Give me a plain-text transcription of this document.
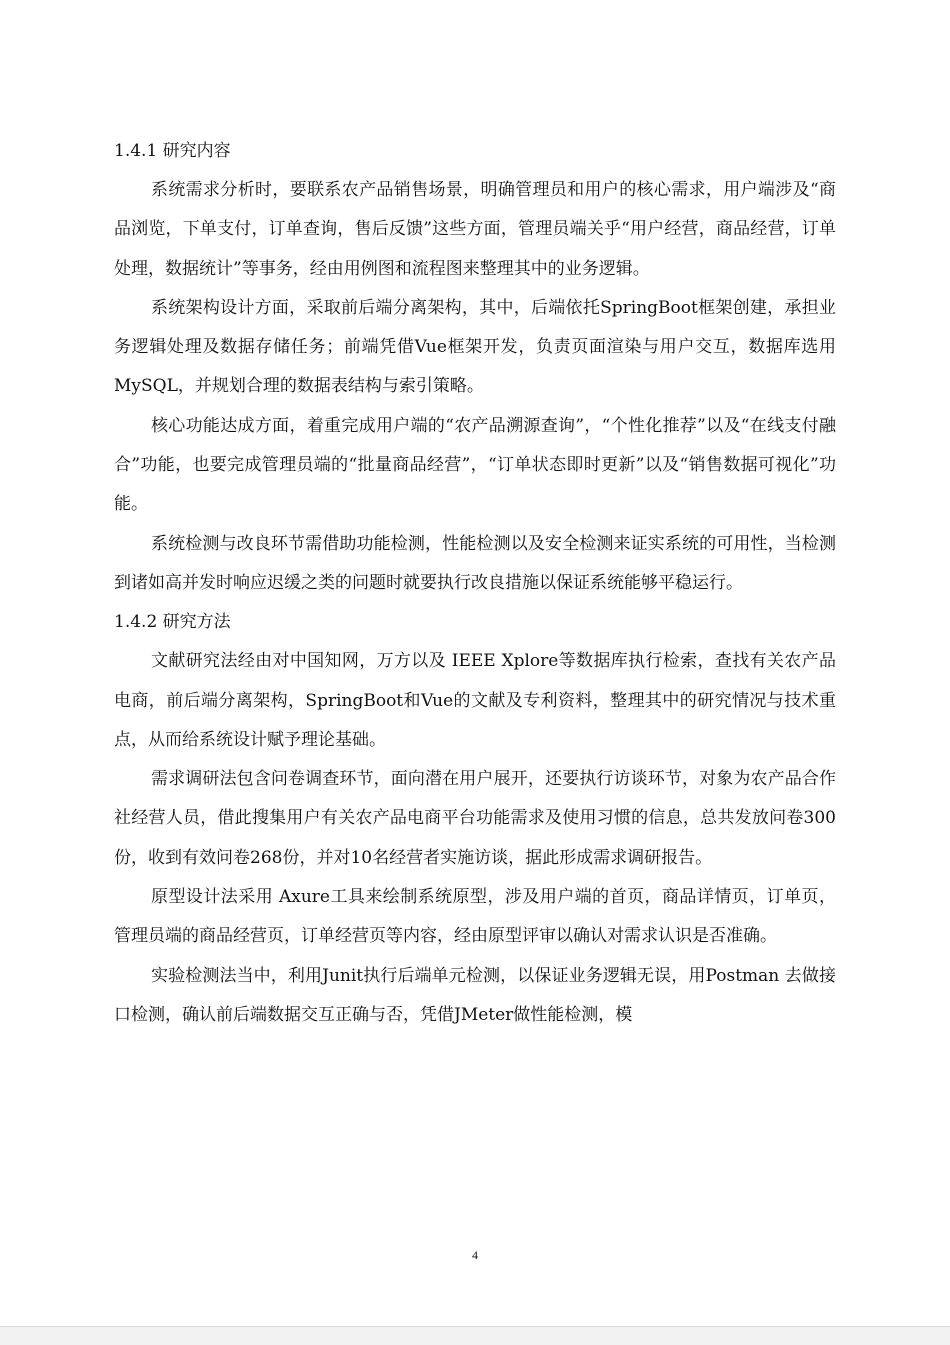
1.4.1 研究内容

系统需求分析时，要联系农产品销售场景，明确管理员和用户的核心需求，用户端涉及“商品浏览，下单支付，订单查询，售后反馈”这些方面，管理员端关乎“用户经营，商品经营，订单处理，数据统计”等事务，经由用例图和流程图来整理其中的业务逻辑。

系统架构设计方面，采取前后端分离架构，其中，后端依托SpringBoot框架创建，承担业务逻辑处理及数据存储任务；前端凭借Vue框架开发，负责页面渲染与用户交互，数据库选用MySQL，并规划合理的数据表结构与索引策略。

核心功能达成方面，着重完成用户端的“农产品溯源查询”，“个性化推荐”以及“在线支付融合”功能，也要完成管理员端的“批量商品经营”，“订单状态即时更新”以及“销售数据可视化”功能。

系统检测与改良环节需借助功能检测，性能检测以及安全检测来证实系统的可用性，当检测到诸如高并发时响应迟缓之类的问题时就要执行改良措施以保证系统能够平稳运行。

1.4.2 研究方法

文献研究法经由对中国知网，万方以及 IEEE Xplore等数据库执行检索，查找有关农产品电商，前后端分离架构，SpringBoot和Vue的文献及专利资料，整理其中的研究情况与技术重点，从而给系统设计赋予理论基础。

需求调研法包含问卷调查环节，面向潜在用户展开，还要执行访谈环节，对象为农产品合作社经营人员，借此搜集用户有关农产品电商平台功能需求及使用习惯的信息，总共发放问卷300份，收到有效问卷268份，并对10名经营者实施访谈，据此形成需求调研报告。

原型设计法采用 Axure工具来绘制系统原型，涉及用户端的首页，商品详情页，订单页，管理员端的商品经营页，订单经营页等内容，经由原型评审以确认对需求认识是否准确。

实验检测法当中，利用Junit执行后端单元检测，以保证业务逻辑无误，用Postman 去做接口检测，确认前后端数据交互正确与否，凭借JMeter做性能检测，模

4
